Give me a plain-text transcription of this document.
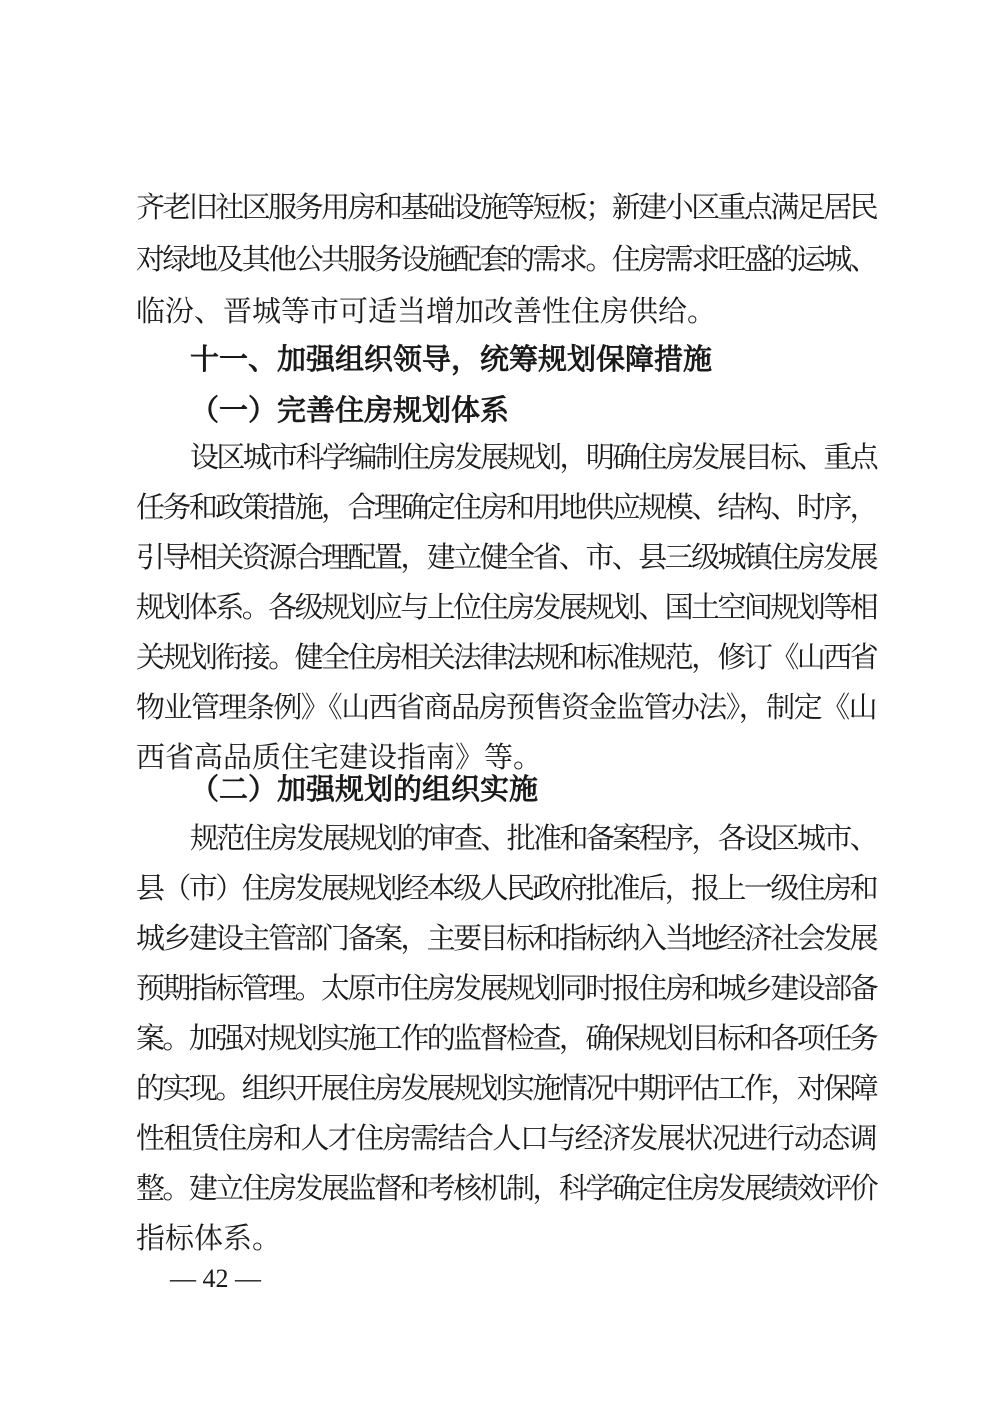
齐老旧社区服务用房和基础设施等短板；新建小区重点满足居民
对绿地及其他公共服务设施配套的需求。住房需求旺盛的运城、
临汾、晋城等市可适当增加改善性住房供给。
十一、加强组织领导，统筹规划保障措施
（一）完善住房规划体系
设区城市科学编制住房发展规划，明确住房发展目标、重点
任务和政策措施，合理确定住房和用地供应规模、结构、时序，
引导相关资源合理配置，建立健全省、市、县三级城镇住房发展
规划体系。各级规划应与上位住房发展规划、国土空间规划等相
关规划衔接。健全住房相关法律法规和标准规范，修订《山西省
物业管理条例》《山西省商品房预售资金监管办法》，制定《山
西省高品质住宅建设指南》等。
（二）加强规划的组织实施
规范住房发展规划的审查、批准和备案程序，各设区城市、
县（市）住房发展规划经本级人民政府批准后，报上一级住房和
城乡建设主管部门备案，主要目标和指标纳入当地经济社会发展
预期指标管理。太原市住房发展规划同时报住房和城乡建设部备
案。加强对规划实施工作的监督检查，确保规划目标和各项任务
的实现。组织开展住房发展规划实施情况中期评估工作，对保障
性租赁住房和人才住房需结合人口与经济发展状况进行动态调
整。建立住房发展监督和考核机制，科学确定住房发展绩效评价
指标体系。
— 42 —
